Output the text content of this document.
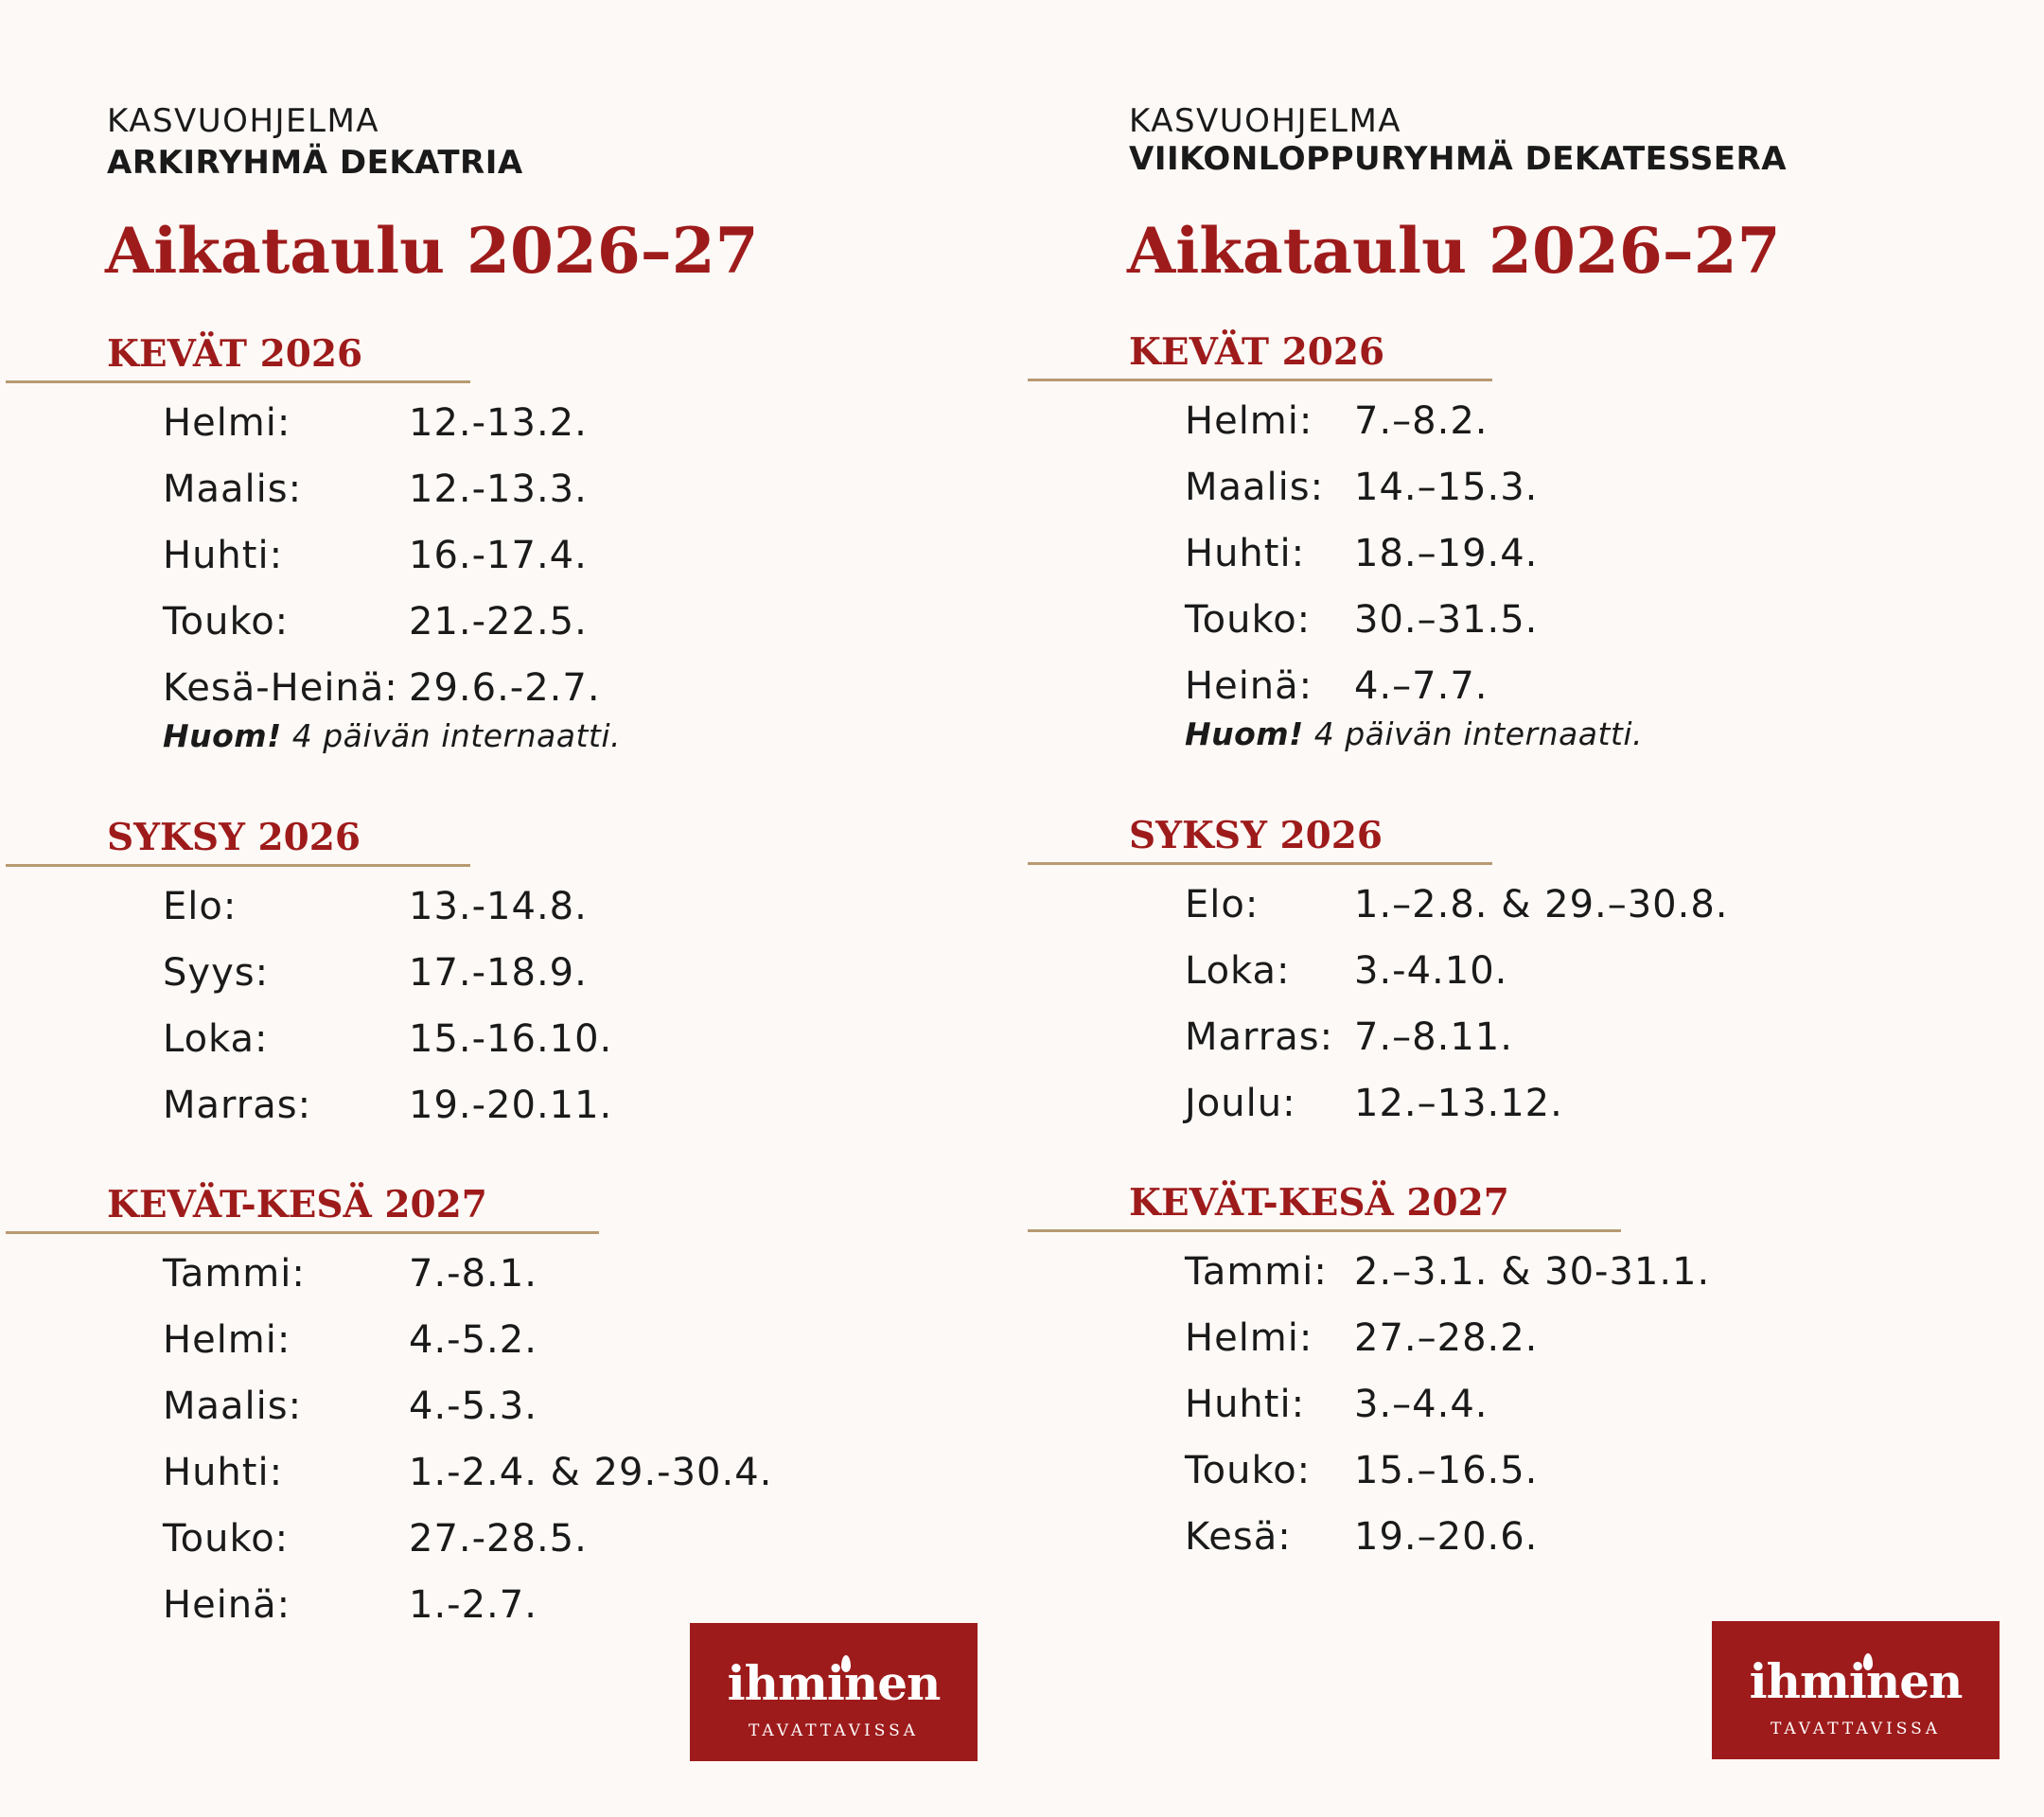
KASVUOHJELMA
ARKIRYHMÄ DEKATRIA
Aikataulu 2026–27
KEVÄT 2026
Helmi:	12.-13.2.
Maalis:	12.-13.3.
Huhti:	16.-17.4.
Touko:	21.-22.5.
Kesä-Heinä: 29.6.-2.7.
Huom! 4 päivän internaatti.
SYKSY 2026
Elo:	13.-14.8.
Syys:	17.-18.9.
Loka:	15.-16.10.
Marras:	19.-20.11.
KEVÄT-KESÄ 2027
Tammi:	7.-8.1.
Helmi:	4.-5.2.
Maalis:	4.-5.3.
Huhti:	1.-2.4. & 29.-30.4.
Touko:	27.-28.5.
Heinä:	1.-2.7.
ihminen
TAVATTAVISSA
KASVUOHJELMA
VIIKONLOPPURYHMÄ DEKATESSERA
Aikataulu 2026–27
KEVÄT 2026
Helmi: 7.–8.2.
Maalis: 14.–15.3.
Huhti: 18.–19.4.
Touko: 30.–31.5.
Heinä: 4.–7.7.
Huom! 4 päivän internaatti.
SYKSY 2026
Elo:	1.–2.8. & 29.–30.8.
Loka: 3.-4.10.
Marras: 7.–8.11.
Joulu: 12.–13.12.
KEVÄT-KESÄ 2027
Tammi: 2.–3.1. & 30-31.1.
Helmi: 27.–28.2.
Huhti: 3.–4.4.
Touko: 15.–16.5.
Kesä: 19.–20.6.
ihminen
TAVATTAVISSA
